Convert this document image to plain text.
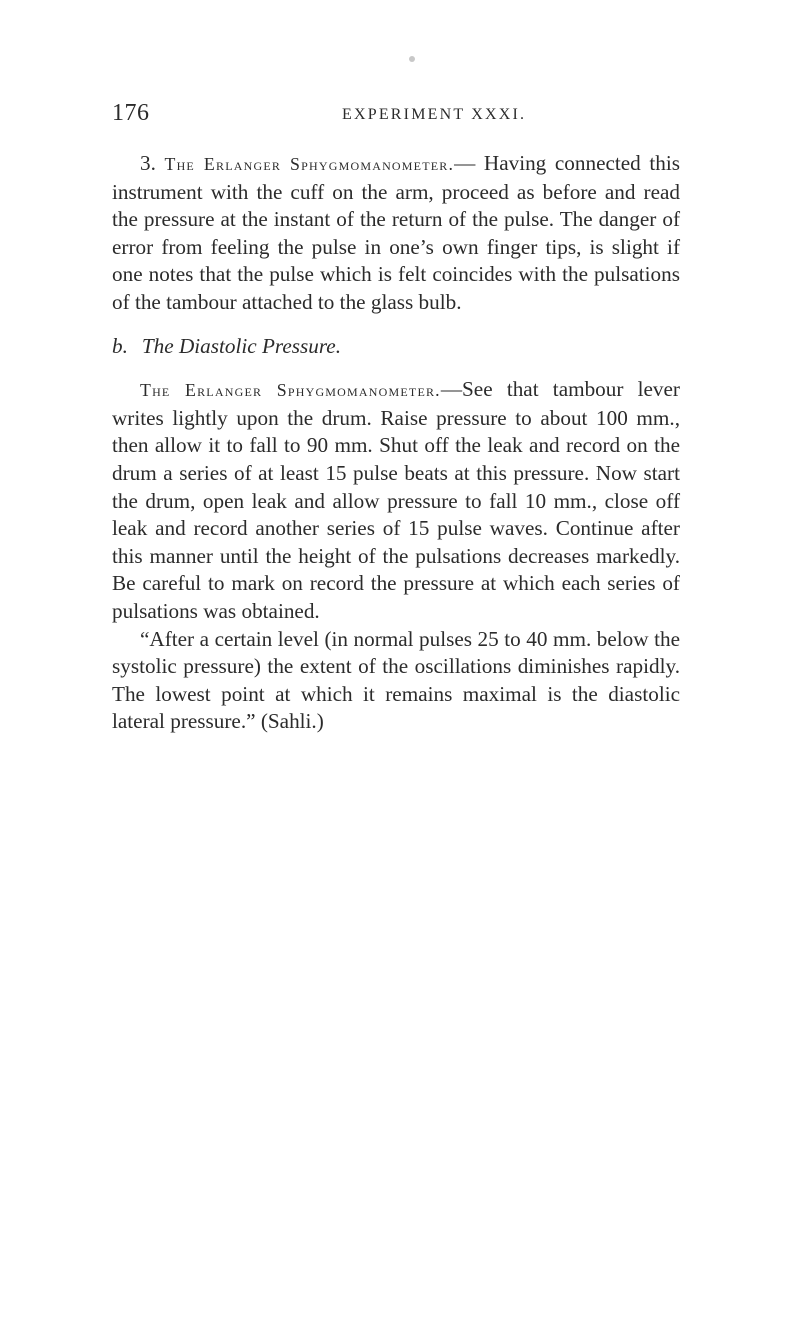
176	EXPERIMENT XXXI.

3. The Erlanger Sphygmomanometer.— Having connected this instrument with the cuff on the arm, proceed as before and read the pressure at the instant of the return of the pulse. The danger of error from feeling the pulse in one’s own finger tips, is slight if one notes that the pulse which is felt coincides with the pulsations of the tambour attached to the glass bulb.

b. The Diastolic Pressure.

The Erlanger Sphygmomanometer.—See that tambour lever writes lightly upon the drum. Raise pressure to about 100 mm., then allow it to fall to 90 mm. Shut off the leak and record on the drum a series of at least 15 pulse beats at this pressure. Now start the drum, open leak and allow pressure to fall 10 mm., close off leak and record another series of 15 pulse waves. Continue after this manner until the height of the pulsations decreases markedly. Be careful to mark on record the pressure at which each series of pulsations was obtained.

“After a certain level (in normal pulses 25 to 40 mm. below the systolic pressure) the extent of the oscillations diminishes rapidly. The lowest point at which it remains maximal is the diastolic lateral pressure.” (Sahli.)
